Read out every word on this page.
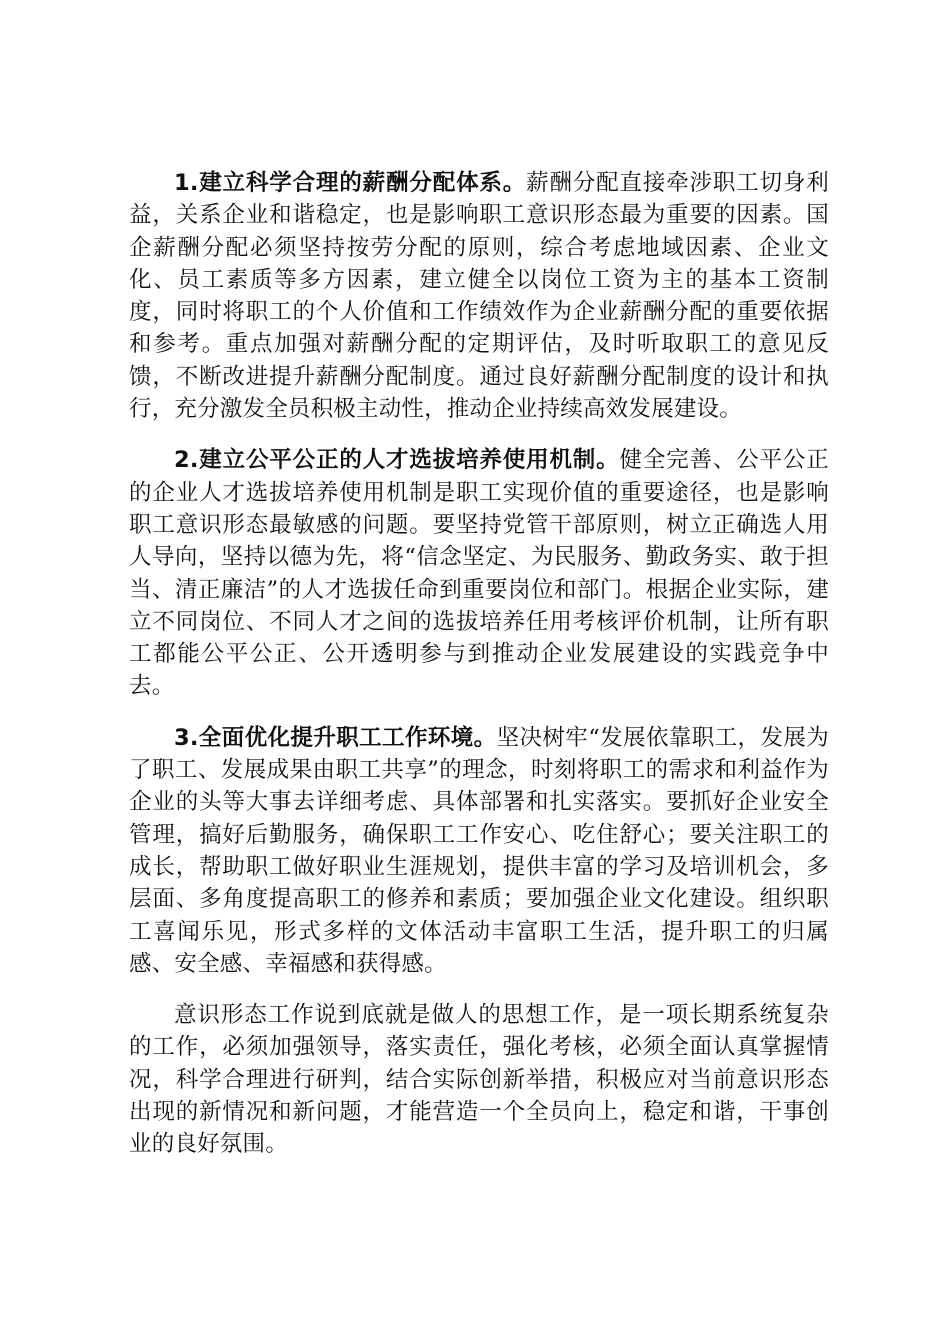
1.建立科学合理的薪酬分配体系。薪酬分配直接牵涉职工切身利益，关系企业和谐稳定，也是影响职工意识形态最为重要的因素。国企薪酬分配必须坚持按劳分配的原则，综合考虑地域因素、企业文化、员工素质等多方因素，建立健全以岗位工资为主的基本工资制度，同时将职工的个人价值和工作绩效作为企业薪酬分配的重要依据和参考。重点加强对薪酬分配的定期评估，及时听取职工的意见反馈，不断改进提升薪酬分配制度。通过良好薪酬分配制度的设计和执行，充分激发全员积极主动性，推动企业持续高效发展建设。

2.建立公平公正的人才选拔培养使用机制。健全完善、公平公正的企业人才选拔培养使用机制是职工实现价值的重要途径，也是影响职工意识形态最敏感的问题。要坚持党管干部原则，树立正确选人用人导向，坚持以德为先，将“信念坚定、为民服务、勤政务实、敢于担当、清正廉洁”的人才选拔任命到重要岗位和部门。根据企业实际，建立不同岗位、不同人才之间的选拔培养任用考核评价机制，让所有职工都能公平公正、公开透明参与到推动企业发展建设的实践竞争中去。

3.全面优化提升职工工作环境。坚决树牢“发展依靠职工，发展为了职工、发展成果由职工共享”的理念，时刻将职工的需求和利益作为企业的头等大事去详细考虑、具体部署和扎实落实。要抓好企业安全管理，搞好后勤服务，确保职工工作安心、吃住舒心；要关注职工的成长，帮助职工做好职业生涯规划，提供丰富的学习及培训机会，多层面、多角度提高职工的修养和素质；要加强企业文化建设。组织职工喜闻乐见，形式多样的文体活动丰富职工生活，提升职工的归属感、安全感、幸福感和获得感。

意识形态工作说到底就是做人的思想工作，是一项长期系统复杂的工作，必须加强领导，落实责任，强化考核，必须全面认真掌握情况，科学合理进行研判，结合实际创新举措，积极应对当前意识形态出现的新情况和新问题，才能营造一个全员向上，稳定和谐，干事创业的良好氛围。
